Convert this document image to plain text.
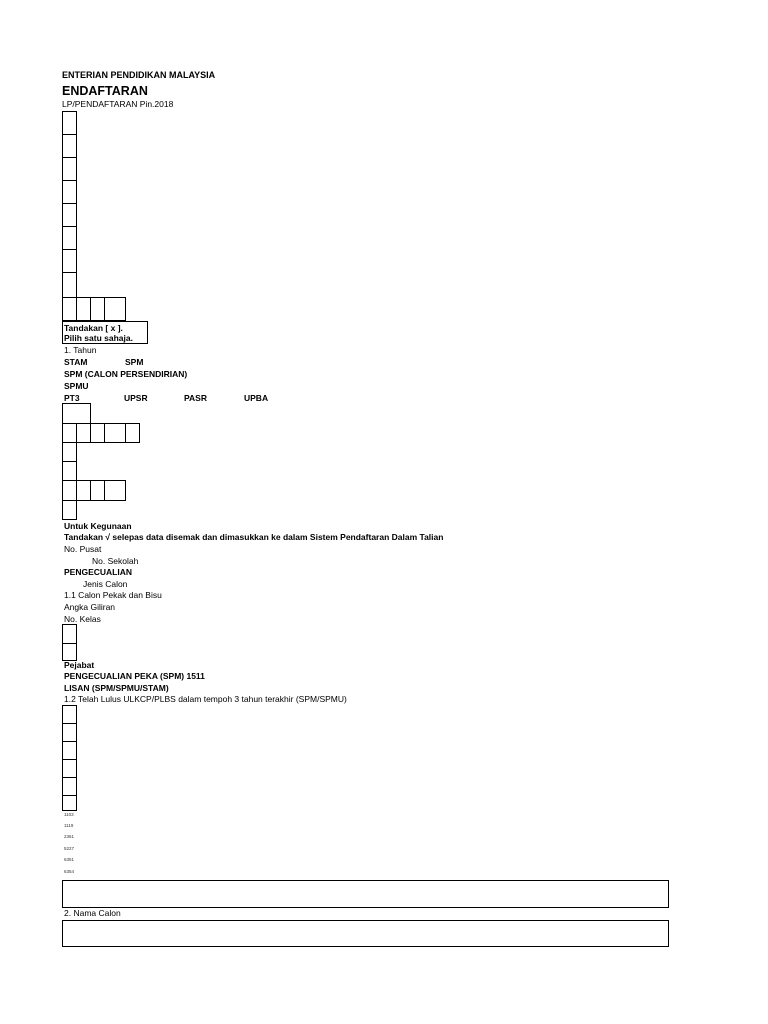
ENTERIAN PENDIDIKAN MALAYSIA
ENDAFTARAN
LP/PENDAFTARAN Pin.2018
Tandakan [ x ].
Pilih satu sahaja.
1. Tahun
STAM	SPM
SPM (CALON PERSENDIRIAN)
SPMU
PT3	UPSR	PASR	UPBA
Untuk Kegunaan
Tandakan √ selepas data disemak dan dimasukkan ke dalam Sistem Pendaftaran Dalam Talian
No. Pusat
No. Sekolah
PENGECUALIAN
Jenis Calon
1.1 Calon Pekak dan Bisu
Angka Giliran
No. Kelas
Pejabat
PENGECUALIAN PEKA (SPM) 1511
LISAN (SPM/SPMU/STAM)
1.2 Telah Lulus ULKCP/PLBS dalam tempoh 3 tahun terakhir (SPM/SPMU)
1103
1119
2361
5227
6351
6354
2. Nama Calon
